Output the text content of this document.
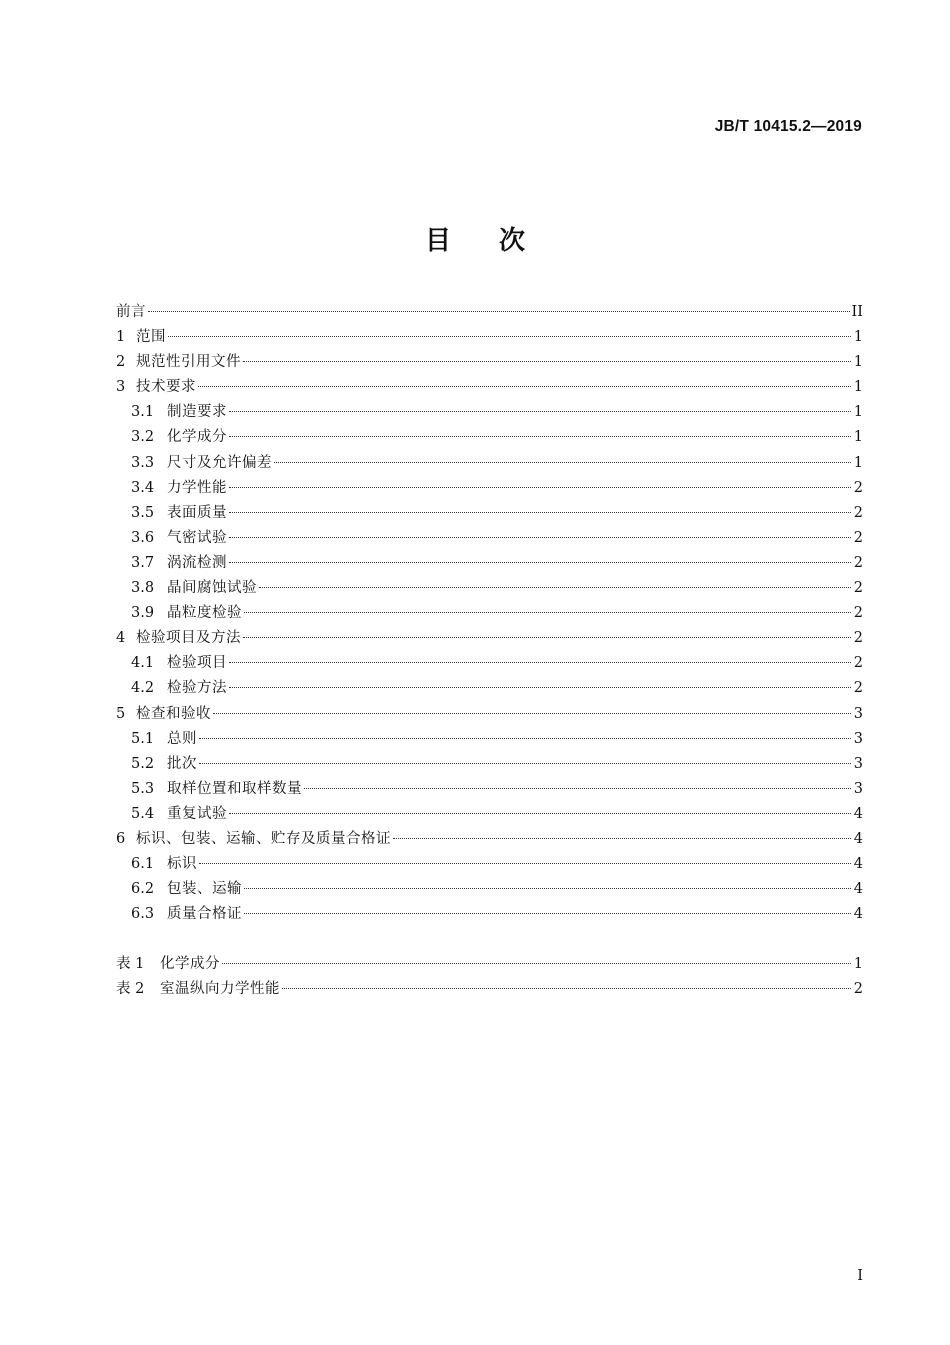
JB/T 10415.2—2019
目次
前言	II
1 范围	1
2 规范性引用文件	1
3 技术要求	1
3.1 制造要求	1
3.2 化学成分	1
3.3 尺寸及允许偏差	1
3.4 力学性能	2
3.5 表面质量	2
3.6 气密试验	2
3.7 涡流检测	2
3.8 晶间腐蚀试验	2
3.9 晶粒度检验	2
4 检验项目及方法	2
4.1 检验项目	2
4.2 检验方法	2
5 检查和验收	3
5.1 总则	3
5.2 批次	3
5.3 取样位置和取样数量	3
5.4 重复试验	4
6 标识、包装、运输、贮存及质量合格证	4
6.1 标识	4
6.2 包装、运输	4
6.3 质量合格证	4
表 1	化学成分	1
表 2	室温纵向力学性能	2
I
